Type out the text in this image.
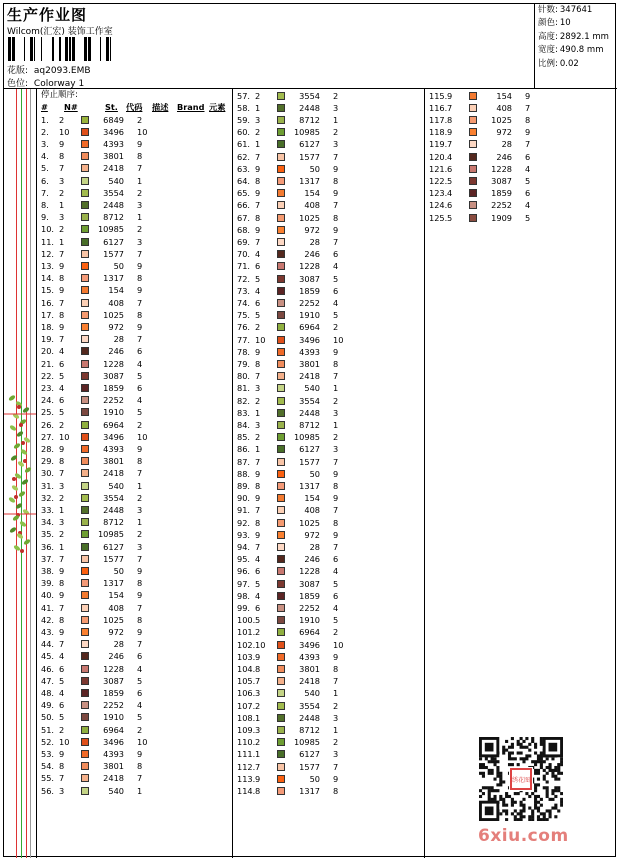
生产作业图
Wilcom(汇宏) 装饰工作室
花版: aq2093.EMB
色位: Colorway 1
针数: 347641
颜色: 10
高度: 2892.1 mm
宽度: 490.8 mm
比例: 0.02
停止顺序:
# N#	St. 代码 描述 Brand 元素
1. 2	6849 2
2. 10	3496 10
3. 9	4393 9
4. 8	3801 8
5. 7	2418 7
6. 3	540 1
7. 2	3554 2
8. 1	2448 3
9. 3	8712 1
10. 2	10985 2
11. 1	6127 3
12. 7	1577 7
13. 9	50 9
14. 8	1317 8
15. 9	154 9
16. 7	408 7
17. 8	1025 8
18. 9	972 9
19. 7	28 7
20. 4	246 6
21. 6	1228 4
22. 5	3087 5
23. 4	1859 6
24. 6	2252 4
25. 5	1910 5
26. 2	6964 2
27. 10	3496 10
28. 9	4393 9
29. 8	3801 8
30. 7	2418 7
31. 3	540 1
32. 2	3554 2
33. 1	2448 3
34. 3	8712 1
35. 2	10985 2
36. 1	6127 3
37. 7	1577 7
38. 9	50 9
39. 8	1317 8
40. 9	154 9
41. 7	408 7
42. 8	1025 8
43. 9	972 9
44. 7	28 7
45. 4	246 6
46. 6	1228 4
47. 5	3087 5
48. 4	1859 6
49. 6	2252 4
50. 5	1910 5
51. 2	6964 2
52. 10	3496 10
53. 9	4393 9
54. 8	3801 8
55. 7	2418 7
56. 3	540 1
57. 2	3554 2
58. 1	2448 3
59. 3	8712 1
60. 2	10985 2
61. 1	6127 3
62. 7	1577 7
63. 9	50 9
64. 8	1317 8
65. 9	154 9
66. 7	408 7
67. 8	1025 8
68. 9	972 9
69. 7	28 7
70. 4	246 6
71. 6	1228 4
72. 5	3087 5
73. 4	1859 6
74. 6	2252 4
75. 5	1910 5
76. 2	6964 2
77. 10	3496 10
78. 9	4393 9
79. 8	3801 8
80. 7	2418 7
81. 3	540 1
82. 2	3554 2
83. 1	2448 3
84. 3	8712 1
85. 2	10985 2
86. 1	6127 3
87. 7	1577 7
88. 9	50 9
89. 8	1317 8
90. 9	154 9
91. 7	408 7
92. 8	1025 8
93. 9	972 9
94. 7	28 7
95. 4	246 6
96. 6	1228 4
97. 5	3087 5
98. 4	1859 6
99. 6	2252 4
100. 5	1910 5
101. 2	6964 2
102. 10	3496 10
103. 9	4393 9
104. 8	3801 8
105. 7	2418 7
106. 3	540 1
107. 2	3554 2
108. 1	2448 3
109. 3	8712 1
110. 2	10985 2
111. 1	6127 3
112. 7	1577 7
113. 9	50 9
114. 8	1317 8
115. 9	154 9
116. 7	408 7
117. 8	1025 8
118. 9	972 9
119. 7	28 7
120. 4	246 6
121. 6	1228 4
122. 5	3087 5
123. 4	1859 6
124. 6	2252 4
125. 5	1909 5
绣花图
6xiu.com
